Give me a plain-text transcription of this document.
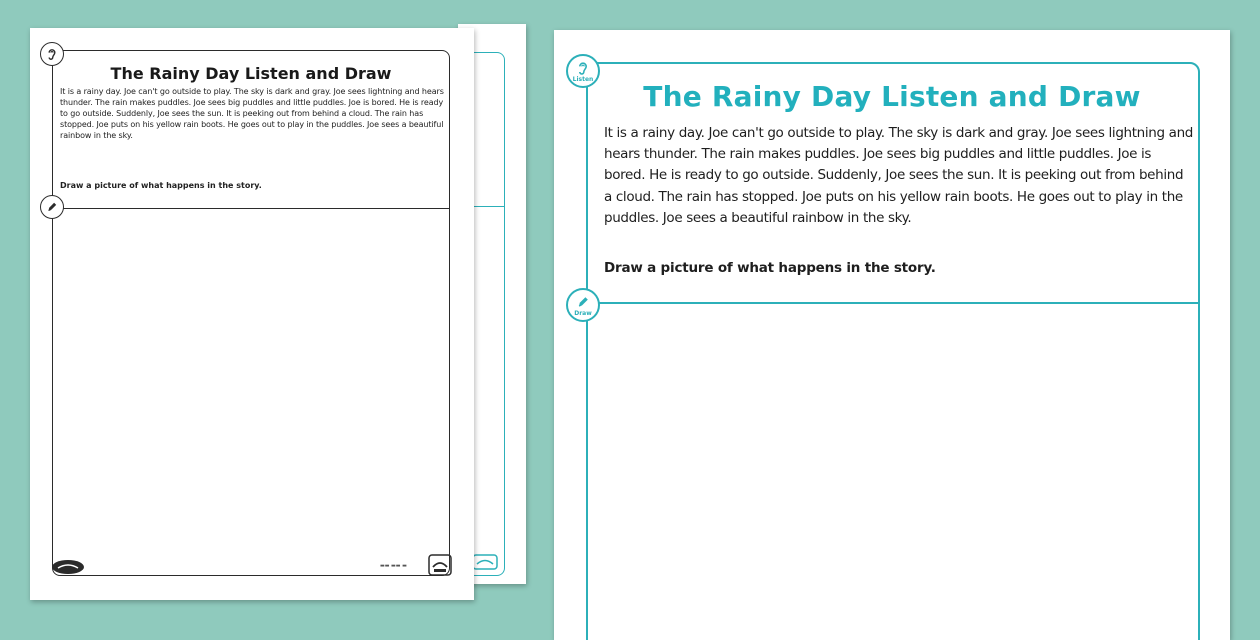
The Rainy Day Listen and Draw

It is a rainy day. Joe can't go outside to play. The sky is dark and gray. Joe sees lightning and hears thunder. The rain makes puddles. Joe sees big puddles and little puddles. Joe is bored. He is ready to go outside. Suddenly, Joe sees the sun. It is peeking out from behind a cloud. The rain has stopped. Joe puts on his yellow rain boots. He goes out to play in the puddles. Joe sees a beautiful rainbow in the sky.

Draw a picture of what happens in the story.

▬▬ ▬▬ ▬
Listen
Draw
The Rainy Day Listen and Draw

It is a rainy day. Joe can't go outside to play. The sky is dark and gray. Joe sees lightning and hears thunder. The rain makes puddles. Joe sees big puddles and little puddles. Joe is bored. He is ready to go outside. Suddenly, Joe sees the sun. It is peeking out from behind a cloud. The rain has stopped. Joe puts on his yellow rain boots. He goes out to play in the puddles. Joe sees a beautiful rainbow in the sky.

Draw a picture of what happens in the story.
